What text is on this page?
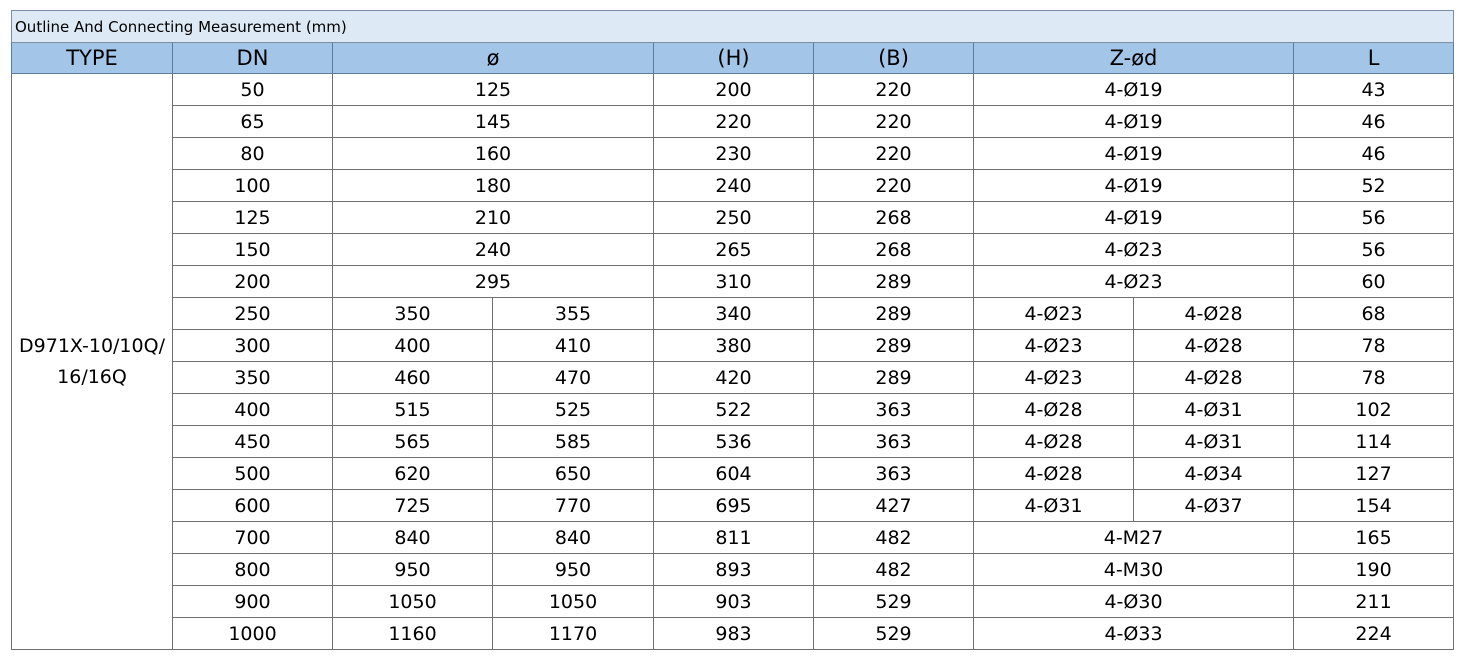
Outline And Connecting Measurement (mm)								
TYPE	DN	ø		(H)	(B)	Z-ød		L
D971X-10/10Q/16/16Q	50	125		200	220	4-Ø19		43
	65	145		220	220	4-Ø19		46
	80	160		230	220	4-Ø19		46
	100	180		240	220	4-Ø19		52
	125	210		250	268	4-Ø19		56
	150	240		265	268	4-Ø23		56
	200	295		310	289	4-Ø23		60
	250	350	355	340	289	4-Ø23	4-Ø28	68
	300	400	410	380	289	4-Ø23	4-Ø28	78
	350	460	470	420	289	4-Ø23	4-Ø28	78
	400	515	525	522	363	4-Ø28	4-Ø31	102
	450	565	585	536	363	4-Ø28	4-Ø31	114
	500	620	650	604	363	4-Ø28	4-Ø34	127
	600	725	770	695	427	4-Ø31	4-Ø37	154
	700	840	840	811	482	4-M27		165
	800	950	950	893	482	4-M30		190
	900	1050	1050	903	529	4-Ø30		211
	1000	1160	1170	983	529	4-Ø33		224
